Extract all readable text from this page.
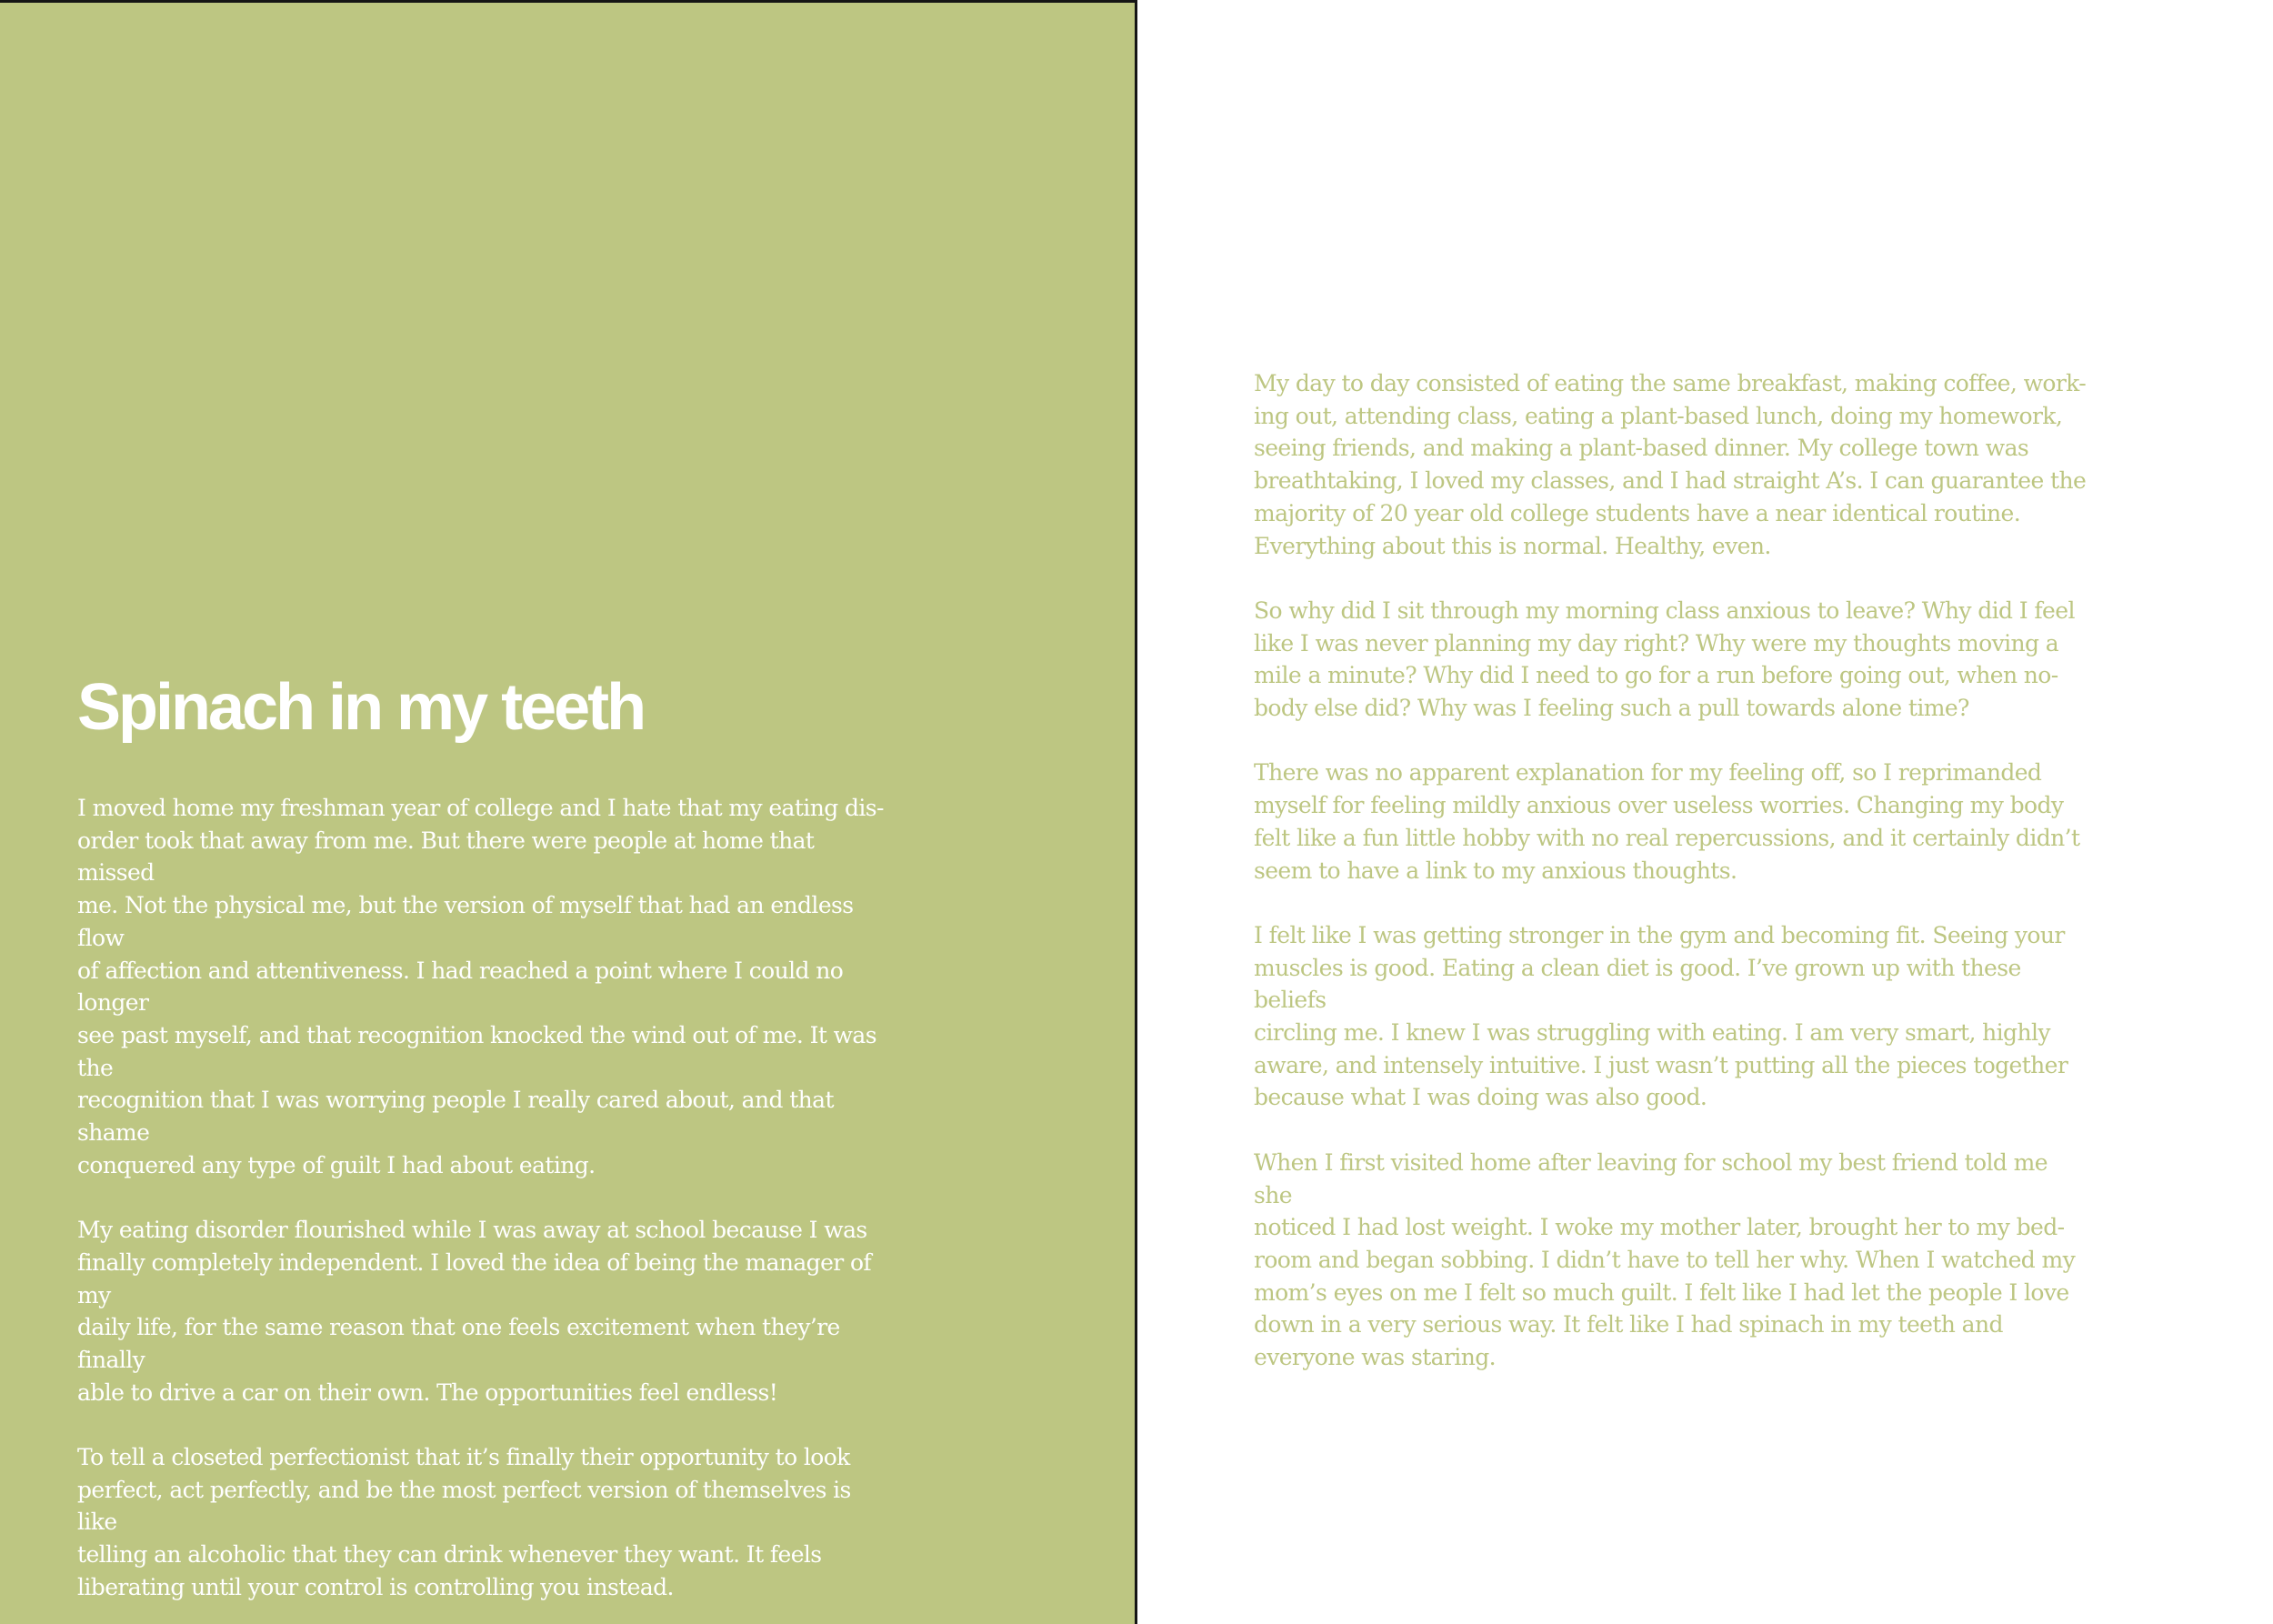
Spinach in my teeth

I moved home my freshman year of college and I hate that my eating dis-
order took that away from me. But there were people at home that missed
me. Not the physical me, but the version of myself that had an endless flow
of affection and attentiveness. I had reached a point where I could no longer
see past myself, and that recognition knocked the wind out of me. It was the
recognition that I was worrying people I really cared about, and that shame
conquered any type of guilt I had about eating.

My eating disorder flourished while I was away at school because I was
finally completely independent. I loved the idea of being the manager of my
daily life, for the same reason that one feels excitement when they’re finally
able to drive a car on their own. The opportunities feel endless!

To tell a closeted perfectionist that it’s finally their opportunity to look
perfect, act perfectly, and be the most perfect version of themselves is like
telling an alcoholic that they can drink whenever they want. It feels
liberating until your control is controlling you instead.

My day to day consisted of eating the same breakfast, making coffee, work-
ing out, attending class, eating a plant-based lunch, doing my homework,
seeing friends, and making a plant-based dinner. My college town was
breathtaking, I loved my classes, and I had straight A’s. I can guarantee the
majority of 20 year old college students have a near identical routine.
Everything about this is normal. Healthy, even.

So why did I sit through my morning class anxious to leave? Why did I feel
like I was never planning my day right? Why were my thoughts moving a
mile a minute? Why did I need to go for a run before going out, when no-
body else did? Why was I feeling such a pull towards alone time?

There was no apparent explanation for my feeling off, so I reprimanded
myself for feeling mildly anxious over useless worries. Changing my body
felt like a fun little hobby with no real repercussions, and it certainly didn’t
seem to have a link to my anxious thoughts.

I felt like I was getting stronger in the gym and becoming fit. Seeing your
muscles is good. Eating a clean diet is good. I’ve grown up with these beliefs
circling me. I knew I was struggling with eating. I am very smart, highly
aware, and intensely intuitive. I just wasn’t putting all the pieces together
because what I was doing was also good.

When I first visited home after leaving for school my best friend told me she
noticed I had lost weight. I woke my mother later, brought her to my bed-
room and began sobbing. I didn’t have to tell her why. When I watched my
mom’s eyes on me I felt so much guilt. I felt like I had let the people I love
down in a very serious way. It felt like I had spinach in my teeth and
everyone was staring.
